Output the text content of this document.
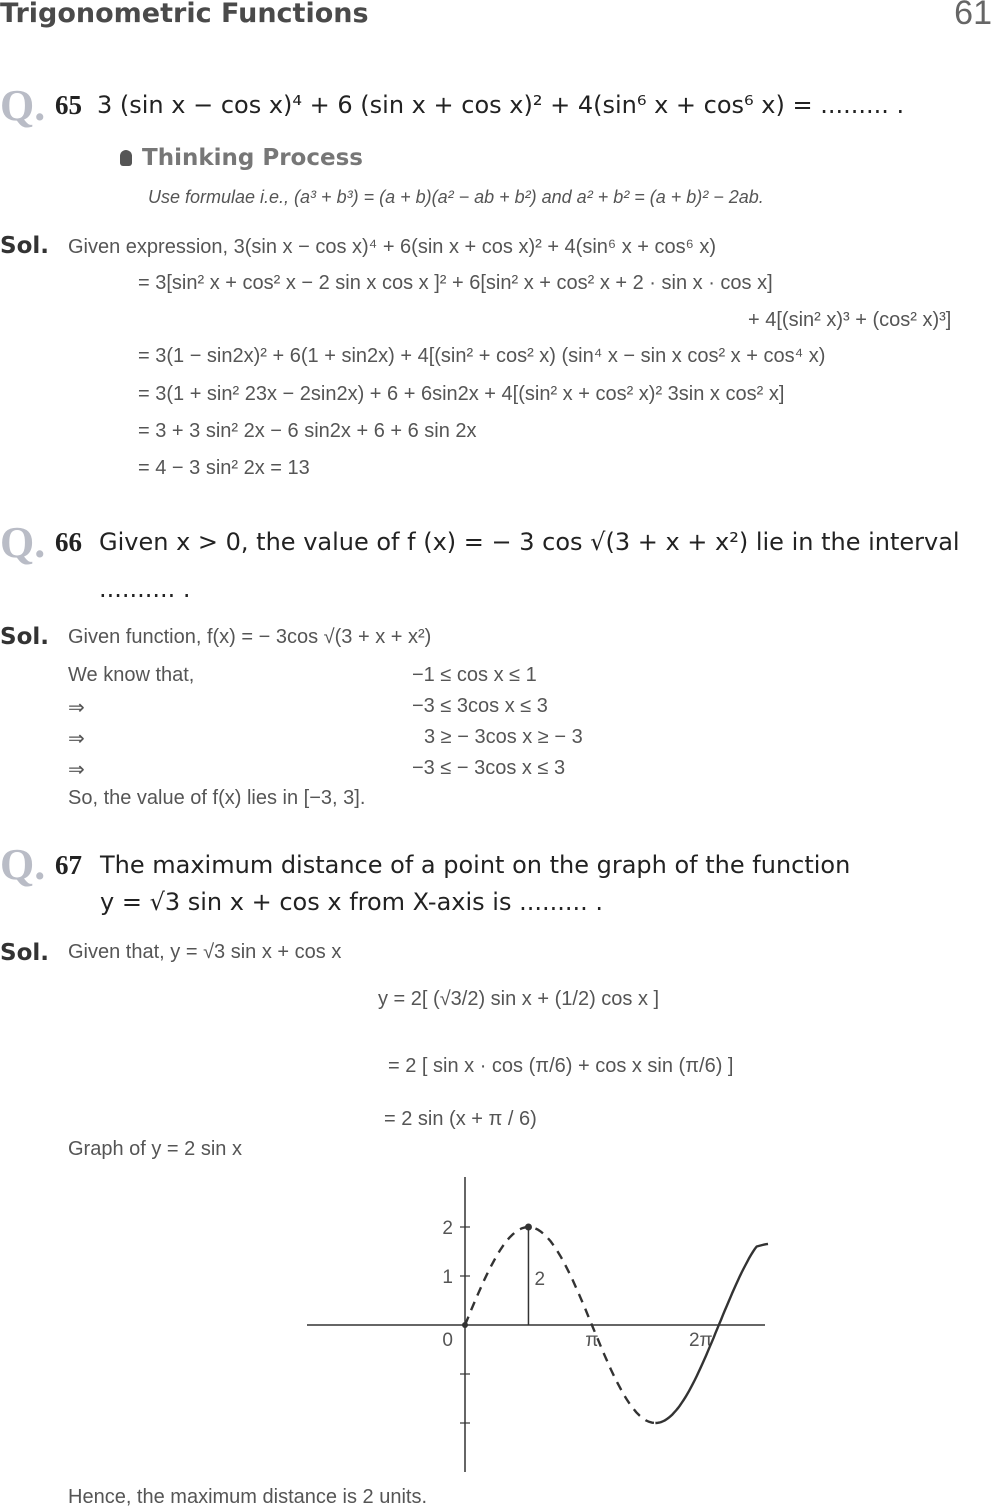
Trigonometric Functions	61
Q. 65 3 (sin x − cos x)⁴ + 6 (sin x + cos x)² + 4(sin⁶ x + cos⁶ x) = ......... .
Thinking Process
Use formulae i.e., (a³ + b³) = (a + b)(a² − ab + b²) and a² + b² = (a + b)² − 2ab.
Sol. Given expression, 3(sin x − cos x)⁴ + 6(sin x + cos x)² + 4(sin⁶ x + cos⁶ x)
= 3[sin² x + cos² x − 2 sin x cos x ]² + 6[sin² x + cos² x + 2 · sin x · cos x]
+ 4[(sin² x)³ + (cos² x)³]
= 3(1 − sin2x)² + 6(1 + sin2x) + 4[(sin² + cos² x) (sin⁴ x − sin x cos² x + cos⁴ x)
= 3(1 + sin² 23x − 2sin2x) + 6 + 6sin2x + 4[(sin² x + cos² x)² 3sin x cos² x]
= 3 + 3 sin² 2x − 6 sin2x + 6 + 6 sin 2x
= 4 − 3 sin² 2x = 13
Q. 66 Given x > 0, the value of f (x) = − 3 cos √(3 + x + x²) lie in the interval
.......... .
Sol. Given function, f(x) = − 3cos √(3 + x + x²)
We know that,	−1 ≤ cos x ≤ 1
⇒	−3 ≤ 3cos x ≤ 3
⇒	3 ≥ − 3cos x ≥ − 3
⇒	−3 ≤ − 3cos x ≤ 3
So, the value of f(x) lies in [−3, 3].
Q. 67 The maximum distance of a point on the graph of the function
y = √3 sin x + cos x from X-axis is ......... .
Sol. Given that, y = √3 sin x + cos x
y = 2[ (√3/2) sin x + (1/2) cos x ]
= 2 [ sin x · cos (π/6) + cos x sin (π/6) ]
= 2 sin (x + π / 6)
Graph of y = 2 sin x
2
1
0	π	2π
2
Hence, the maximum distance is 2 units.
